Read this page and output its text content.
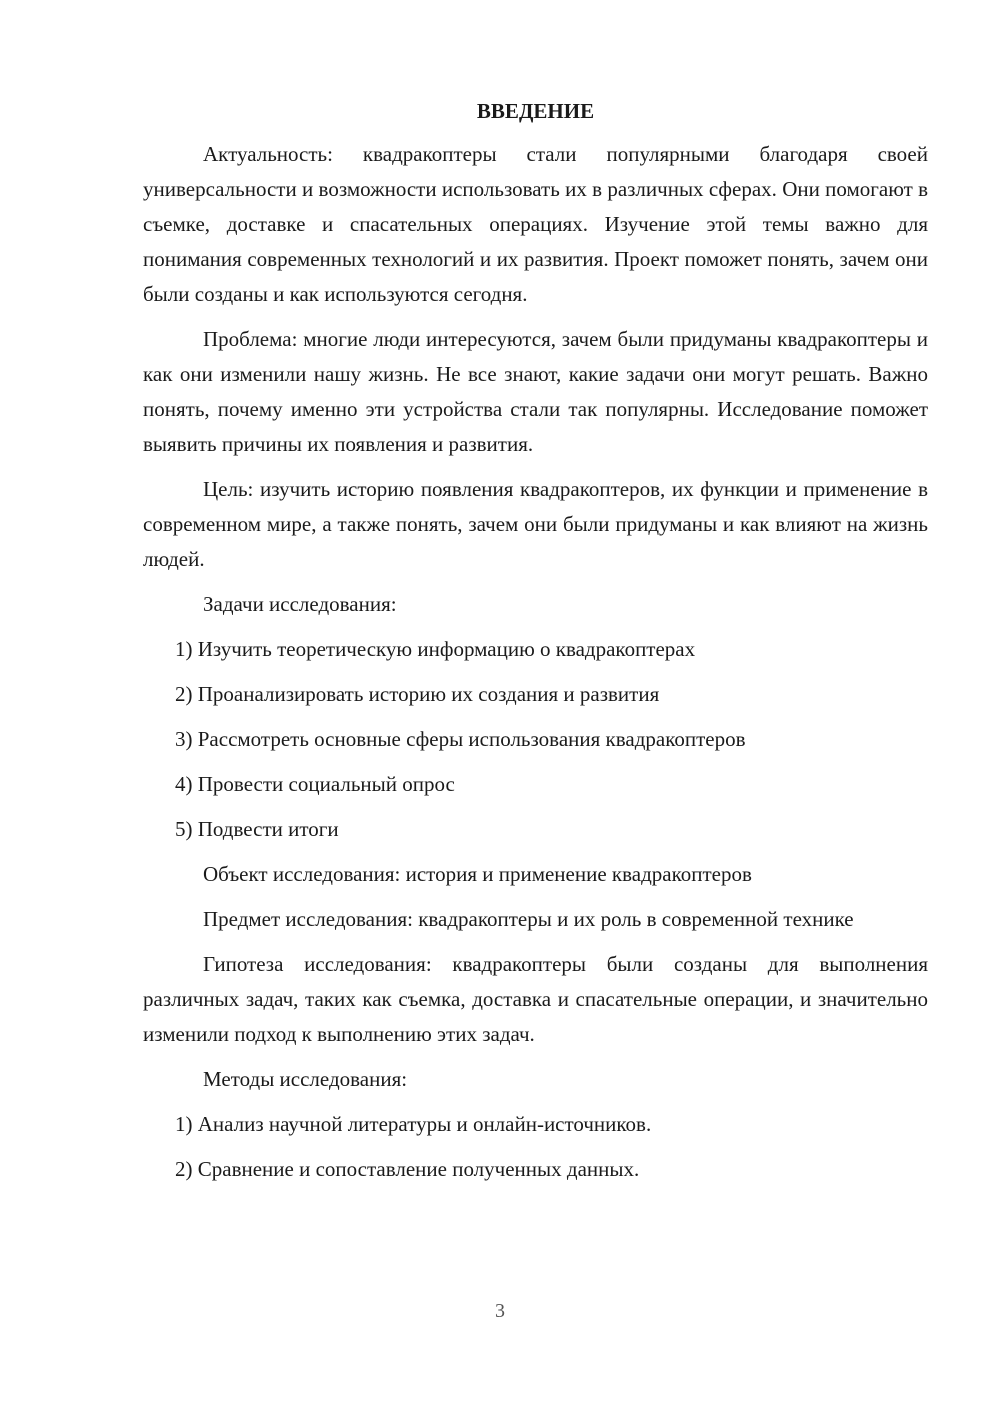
ВВЕДЕНИЕ

Актуальность: квадракоптеры стали популярными благодаря своей универсальности и возможности использовать их в различных сферах. Они помогают в съемке, доставке и спасательных операциях. Изучение этой темы важно для понимания современных технологий и их развития. Проект поможет понять, зачем они были созданы и как используются сегодня.

Проблема: многие люди интересуются, зачем были придуманы квадракоптеры и как они изменили нашу жизнь. Не все знают, какие задачи они могут решать. Важно понять, почему именно эти устройства стали так популярны. Исследование поможет выявить причины их появления и развития.

Цель: изучить историю появления квадракоптеров, их функции и применение в современном мире, а также понять, зачем они были придуманы и как влияют на жизнь людей.

Задачи исследования:

1) Изучить теоретическую информацию о квадракоптерах
2) Проанализировать историю их создания и развития
3) Рассмотреть основные сферы использования квадракоптеров
4) Провести социальный опрос
5) Подвести итоги

Объект исследования: история и применение квадракоптеров

Предмет исследования: квадракоптеры и их роль в современной технике

Гипотеза исследования: квадракоптеры были созданы для выполнения различных задач, таких как съемка, доставка и спасательные операции, и значительно изменили подход к выполнению этих задач.

Методы исследования:

1) Анализ научной литературы и онлайн-источников.
2) Сравнение и сопоставление полученных данных.
3
